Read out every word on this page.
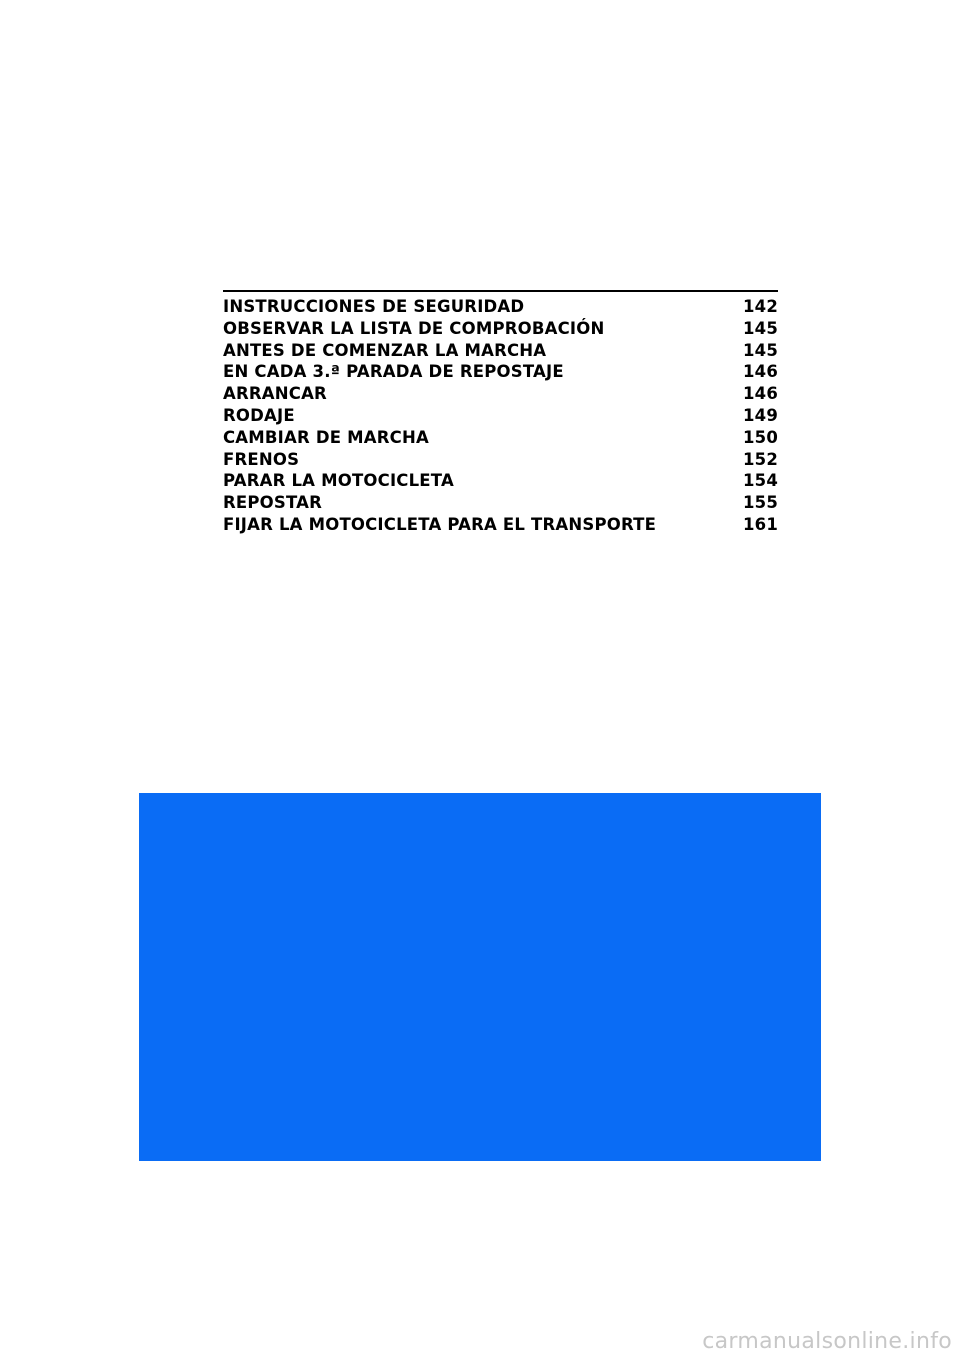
INSTRUCCIONES DE SEGURIDAD	142
OBSERVAR LA LISTA DE COMPROBACIÓN	145
ANTES DE COMENZAR LA MARCHA	145
EN CADA 3.ª PARADA DE REPOSTAJE	146
ARRANCAR	146
RODAJE	149
CAMBIAR DE MARCHA	150
FRENOS	152
PARAR LA MOTOCICLETA	154
REPOSTAR	155
FIJAR LA MOTOCICLETA PARA EL TRANSPORTE	161
carmanualsonline.info
